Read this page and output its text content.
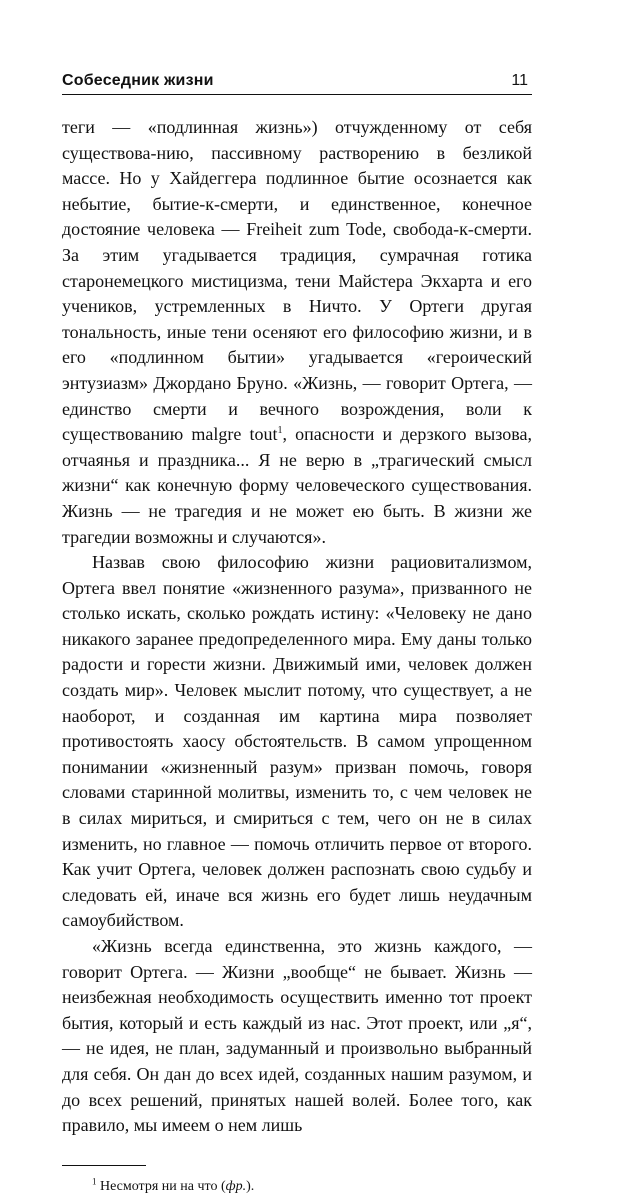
Собеседник жизни	11

теги — «подлинная жизнь») отчужденному от себя существова-нию, пассивному растворению в безликой массе. Но у Хайдеггера подлинное бытие осознается как небытие, бытие-к-смерти, и единственное, конечное достояние человека — Freiheit zum Tode, свобода-к-смерти. За этим угадывается традиция, сумрачная готика старонемецкого мистицизма, тени Майстера Экхарта и его учеников, устремленных в Ничто. У Ортеги другая тональность, иные тени осеняют его философию жизни, и в его «подлинном бытии» угадывается «героический энтузиазм» Джордано Бруно. «Жизнь, — говорит Ортега, — единство смерти и вечного возрождения, воли к существованию malgre tout$^1$, опасности и дерзкого вызова, отчаянья и праздника... Я не верю в „трагический смысл жизни“ как конечную форму человеческого существования. Жизнь — не трагедия и не может ею быть. В жизни же трагедии возможны и случаются».

Назвав свою философию жизни рациовитализмом, Ортега ввел понятие «жизненного разума», призванного не столько искать, сколько рождать истину: «Человеку не дано никакого заранее предопределенного мира. Ему даны только радости и горести жизни. Движимый ими, человек должен создать мир». Человек мыслит потому, что существует, а не наоборот, и созданная им картина мира позволяет противостоять хаосу обстоятельств. В самом упрощенном понимании «жизненный разум» призван помочь, говоря словами старинной молитвы, изменить то, с чем человек не в силах мириться, и смириться с тем, чего он не в силах изменить, но главное — помочь отличить первое от второго. Как учит Ортега, человек должен распознать свою судьбу и следовать ей, иначе вся жизнь его будет лишь неудачным самоубийством.

«Жизнь всегда единственна, это жизнь каждого, — говорит Ортега. — Жизни „вообще“ не бывает. Жизнь — неизбежная необходимость осуществить именно тот проект бытия, который и есть каждый из нас. Этот проект, или „я“, — не идея, не план, задуманный и произвольно выбранный для себя. Он дан до всех идей, созданных нашим разумом, и до всех решений, принятых нашей волей. Более того, как правило, мы имеем о нем лишь

$^1$ Несмотря ни на что (фр.).
